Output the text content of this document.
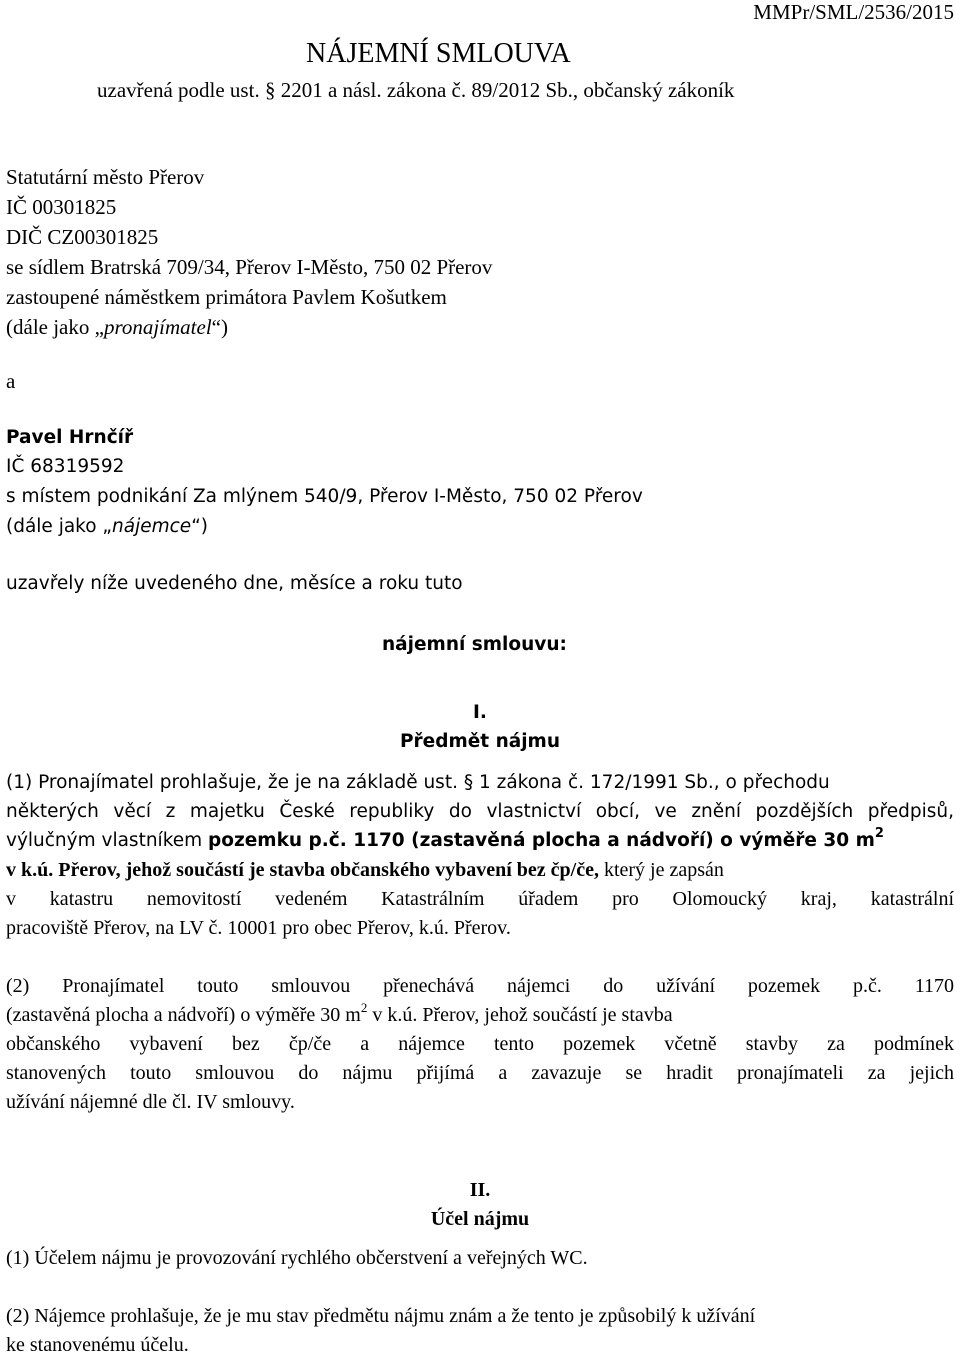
MMPr/SML/2536/2015
NÁJEMNÍ SMLOUVA
uzavřená podle ust. § 2201 a násl. zákona č. 89/2012 Sb., občanský zákoník
Statutární město Přerov
IČ 00301825
DIČ CZ00301825
se sídlem Bratrská 709/34, Přerov I-Město, 750 02 Přerov
zastoupené náměstkem primátora Pavlem Košutkem
(dále jako „pronajímatel“)
a
Pavel Hrnčíř
IČ 68319592
s místem podnikání Za mlýnem 540/9, Přerov I-Město, 750 02 Přerov
(dále jako „nájemce“)
uzavřely níže uvedeného dne, měsíce a roku tuto
nájemní smlouvu:
I.
Předmět nájmu
(1) Pronajímatel prohlašuje, že je na základě ust. § 1 zákona č. 172/1991 Sb., o přechodu
některých věcí z majetku České republiky do vlastnictví obcí, ve znění pozdějších předpisů,
výlučným vlastníkem pozemku p.č. 1170 (zastavěná plocha a nádvoří) o výměře 30 $m^2$
v k.ú. Přerov, jehož součástí je stavba občanského vybavení bez čp/če, který je zapsán
v katastru nemovitostí vedeném Katastrálním úřadem pro Olomoucký kraj, katastrální
pracoviště Přerov, na LV č. 10001 pro obec Přerov, k.ú. Přerov.
(2) Pronajímatel touto smlouvou přenechává nájemci do užívání pozemek p.č. 1170
(zastavěná plocha a nádvoří) o výměře 30 $m^2$ v k.ú. Přerov, jehož součástí je stavba
občanského vybavení bez čp/če a nájemce tento pozemek včetně stavby za podmínek
stanovených touto smlouvou do nájmu přijímá a zavazuje se hradit pronajímateli za jejich
užívání nájemné dle čl. IV smlouvy.
II.
Účel nájmu
(1) Účelem nájmu je provozování rychlého občerstvení a veřejných WC.
(2) Nájemce prohlašuje, že je mu stav předmětu nájmu znám a že tento je způsobilý k užívání
ke stanovenému účelu.
